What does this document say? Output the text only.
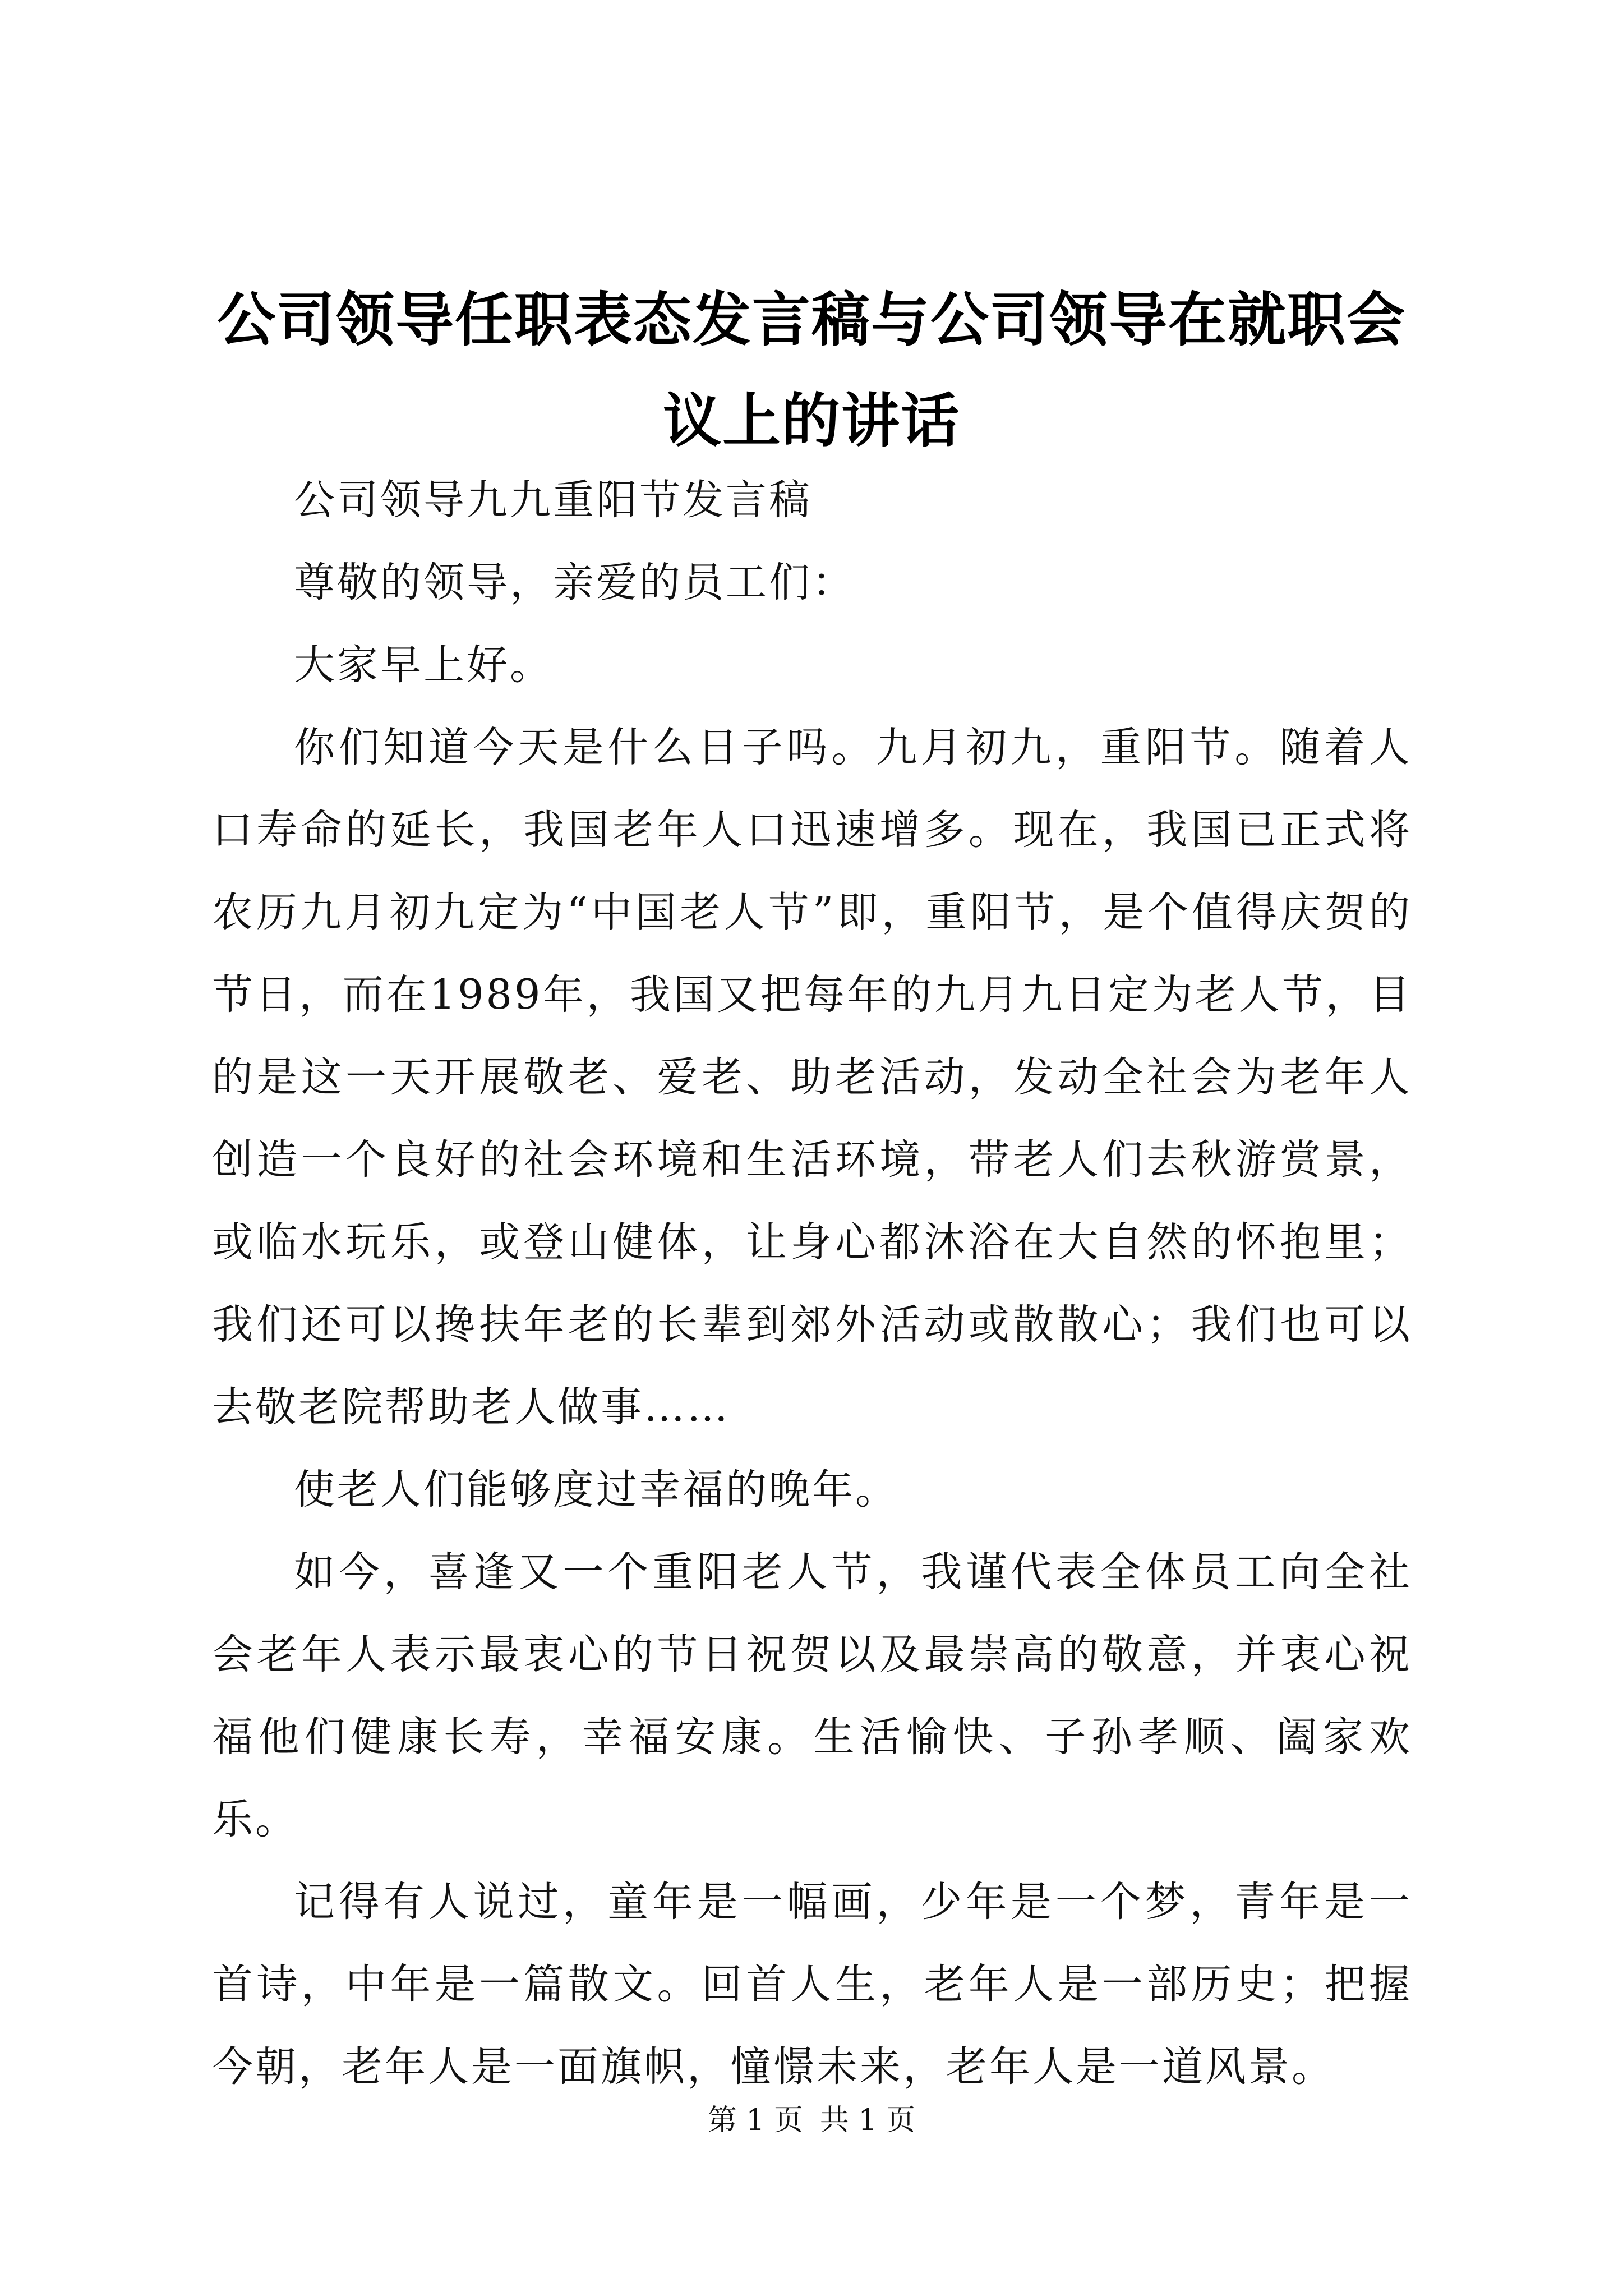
公司领导任职表态发言稿与公司领导在就职会议上的讲话

公司领导九九重阳节发言稿

尊敬的领导，亲爱的员工们：

大家早上好。

你们知道今天是什么日子吗。九月初九，重阳节。随着人口寿命的延长，我国老年人口迅速增多。现在，我国已正式将农历九月初九定为“中国老人节”即，重阳节，是个值得庆贺的节日，而在1989年，我国又把每年的九月九日定为老人节，目的是这一天开展敬老、爱老、助老活动，发动全社会为老年人创造一个良好的社会环境和生活环境，带老人们去秋游赏景，或临水玩乐，或登山健体，让身心都沐浴在大自然的怀抱里；我们还可以搀扶年老的长辈到郊外活动或散散心；我们也可以去敬老院帮助老人做事……

使老人们能够度过幸福的晚年。

如今，喜逢又一个重阳老人节，我谨代表全体员工向全社会老年人表示最衷心的节日祝贺以及最崇高的敬意，并衷心祝福他们健康长寿，幸福安康。生活愉快、子孙孝顺、阖家欢乐。

记得有人说过，童年是一幅画，少年是一个梦，青年是一首诗，中年是一篇散文。回首人生，老年人是一部历史；把握今朝，老年人是一面旗帜，憧憬未来，老年人是一道风景。

第 1 页 共 1 页
